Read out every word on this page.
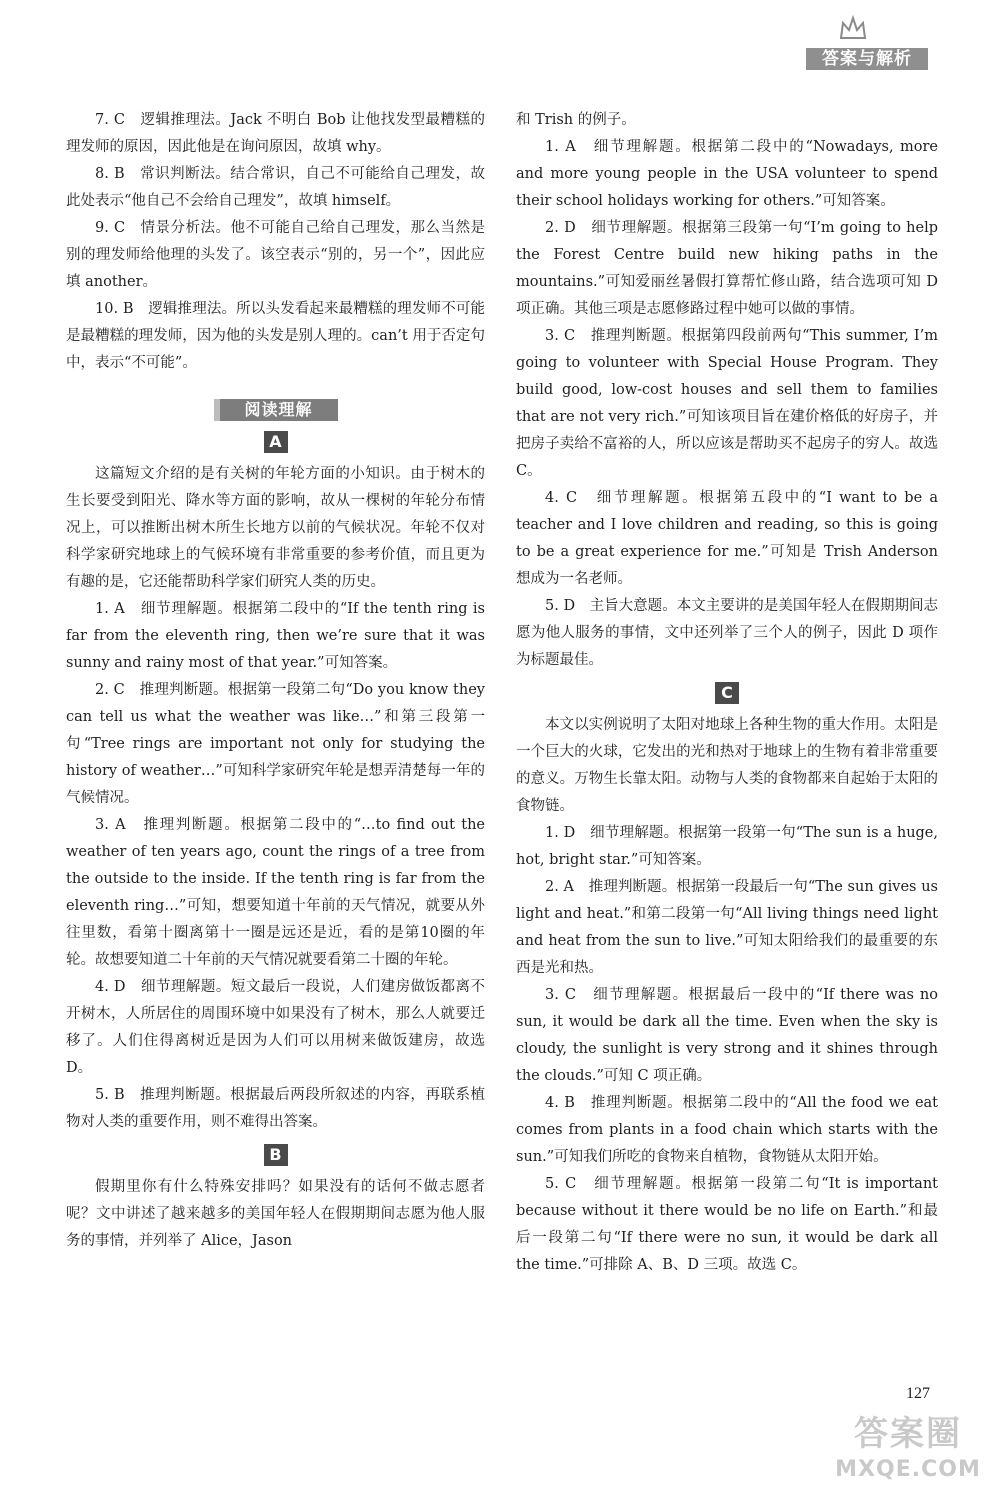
答案与解析

7. C　逻辑推理法。Jack 不明白 Bob 让他找发型最糟糕的理发师的原因，因此他是在询问原因，故填 why。

8. B　常识判断法。结合常识，自己不可能给自己理发，故此处表示“他自己不会给自己理发”，故填 himself。

9. C　情景分析法。他不可能自己给自己理发，那么当然是别的理发师给他理的头发了。该空表示“别的，另一个”，因此应填 another。

10. B　逻辑推理法。所以头发看起来最糟糕的理发师不可能是最糟糕的理发师，因为他的头发是别人理的。can’t 用于否定句中，表示“不可能”。

阅读理解
A

这篇短文介绍的是有关树的年轮方面的小知识。由于树木的生长要受到阳光、降水等方面的影响，故从一棵树的年轮分布情况上，可以推断出树木所生长地方以前的气候状况。年轮不仅对科学家研究地球上的气候环境有非常重要的参考价值，而且更为有趣的是，它还能帮助科学家们研究人类的历史。

1. A　细节理解题。根据第二段中的“If the tenth ring is far from the eleventh ring, then we’re sure that it was sunny and rainy most of that year.”可知答案。

2. C　推理判断题。根据第一段第二句“Do you know they can tell us what the weather was like…”和第三段第一句“Tree rings are important not only for studying the history of weather…”可知科学家研究年轮是想弄清楚每一年的气候情况。

3. A　推理判断题。根据第二段中的“…to find out the weather of ten years ago, count the rings of a tree from the outside to the inside. If the tenth ring is far from the eleventh ring…”可知，想要知道十年前的天气情况，就要从外往里数，看第十圈离第十一圈是远还是近，看的是第10圈的年轮。故想要知道二十年前的天气情况就要看第二十圈的年轮。

4. D　细节理解题。短文最后一段说，人们建房做饭都离不开树木，人所居住的周围环境中如果没有了树木，那么人就要迁移了。人们住得离树近是因为人们可以用树来做饭建房，故选 D。

5. B　推理判断题。根据最后两段所叙述的内容，再联系植物对人类的重要作用，则不难得出答案。

B

假期里你有什么特殊安排吗？如果没有的话何不做志愿者呢？文中讲述了越来越多的美国年轻人在假期期间志愿为他人服务的事情，并列举了 Alice，Jason

和 Trish 的例子。

1. A　细节理解题。根据第二段中的“Nowadays, more and more young people in the USA volunteer to spend their school holidays working for others.”可知答案。

2. D　细节理解题。根据第三段第一句“I’m going to help the Forest Centre build new hiking paths in the mountains.”可知爱丽丝暑假打算帮忙修山路，结合选项可知 D 项正确。其他三项是志愿修路过程中她可以做的事情。

3. C　推理判断题。根据第四段前两句“This summer, I’m going to volunteer with Special House Program. They build good, low-cost houses and sell them to families that are not very rich.”可知该项目旨在建价格低的好房子，并把房子卖给不富裕的人，所以应该是帮助买不起房子的穷人。故选 C。

4. C　细节理解题。根据第五段中的“I want to be a teacher and I love children and reading, so this is going to be a great experience for me.”可知是 Trish Anderson 想成为一名老师。

5. D　主旨大意题。本文主要讲的是美国年轻人在假期期间志愿为他人服务的事情，文中还列举了三个人的例子，因此 D 项作为标题最佳。

C

本文以实例说明了太阳对地球上各种生物的重大作用。太阳是一个巨大的火球，它发出的光和热对于地球上的生物有着非常重要的意义。万物生长靠太阳。动物与人类的食物都来自起始于太阳的食物链。

1. D　细节理解题。根据第一段第一句“The sun is a huge, hot, bright star.”可知答案。

2. A　推理判断题。根据第一段最后一句“The sun gives us light and heat.”和第二段第一句“All living things need light and heat from the sun to live.”可知太阳给我们的最重要的东西是光和热。

3. C　细节理解题。根据最后一段中的“If there was no sun, it would be dark all the time. Even when the sky is cloudy, the sunlight is very strong and it shines through the clouds.”可知 C 项正确。

4. B　推理判断题。根据第二段中的“All the food we eat comes from plants in a food chain which starts with the sun.”可知我们所吃的食物来自植物，食物链从太阳开始。

5. C　细节理解题。根据第一段第二句“It is important because without it there would be no life on Earth.”和最后一段第二句“If there were no sun, it would be dark all the time.”可排除 A、B、D 三项。故选 C。

127
答案圈
MXQE.COM
